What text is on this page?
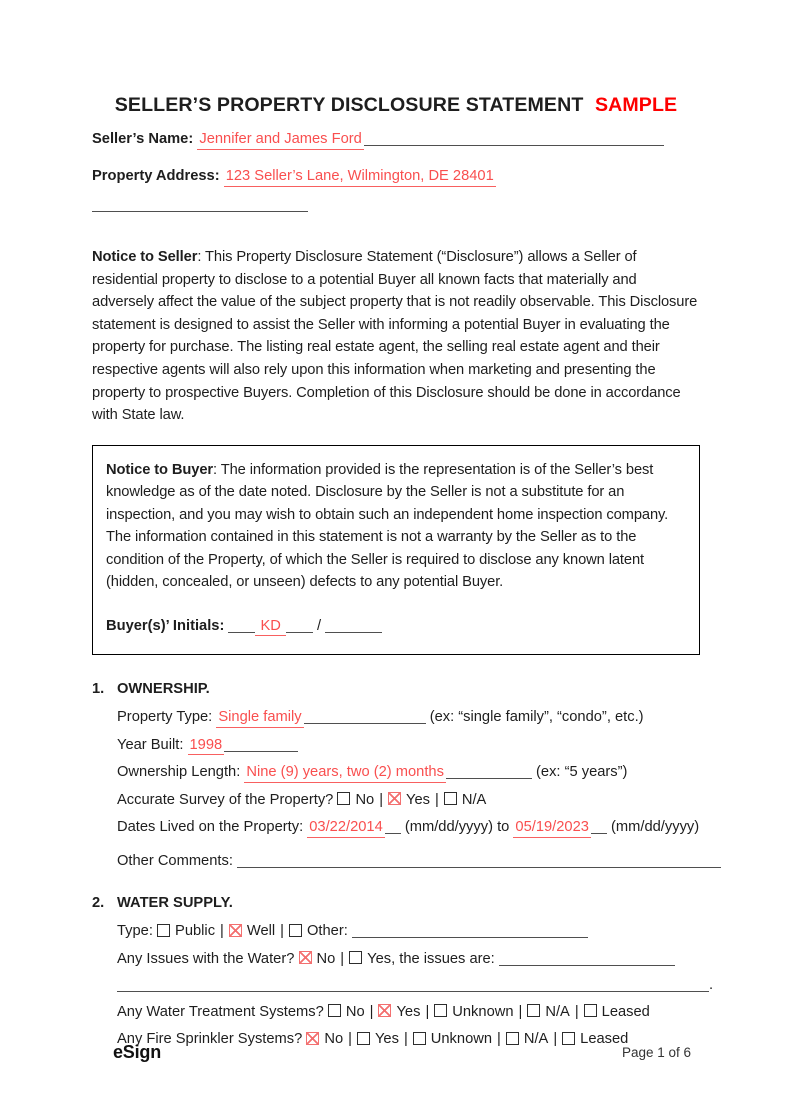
SELLER’S PROPERTY DISCLOSURE STATEMENT SAMPLE
Seller’s Name: Jennifer and James Ford
Property Address: 123 Seller’s Lane, Wilmington, DE 28401
Notice to Seller: This Property Disclosure Statement (“Disclosure”) allows a Seller of residential property to disclose to a potential Buyer all known facts that materially and adversely affect the value of the subject property that is not readily observable. This Disclosure statement is designed to assist the Seller with informing a potential Buyer in evaluating the property for purchase. The listing real estate agent, the selling real estate agent and their respective agents will also rely upon this information when marketing and presenting the property to prospective Buyers. Completion of this Disclosure should be done in accordance with State law.
Notice to Buyer: The information provided is the representation is of the Seller’s best knowledge as of the date noted. Disclosure by the Seller is not a substitute for an inspection, and you may wish to obtain such an independent home inspection company. The information contained in this statement is not a warranty by the Seller as to the condition of the Property, of which the Seller is required to disclose any known latent (hidden, concealed, or unseen) defects to any potential Buyer.
Buyer(s)’ Initials: KD /
1. OWNERSHIP.
Property Type: Single family	(ex: “single family”, “condo”, etc.)
Year Built: 1998
Ownership Length: Nine (9) years, two (2) months	(ex: “5 years”)
Accurate Survey of the Property? No | Yes | N/A
Dates Lived on the Property: 03/22/2014 (mm/dd/yyyy) to 05/19/2023 (mm/dd/yyyy)
Other Comments:
2. WATER SUPPLY.
Type: Public | Well | Other:
Any Issues with the Water? No | Yes, the issues are:
.
Any Water Treatment Systems? No | Yes | Unknown | N/A | Leased
Any Fire Sprinkler Systems? No | Yes | Unknown | N/A | Leased
eSign	Page 1 of 6
